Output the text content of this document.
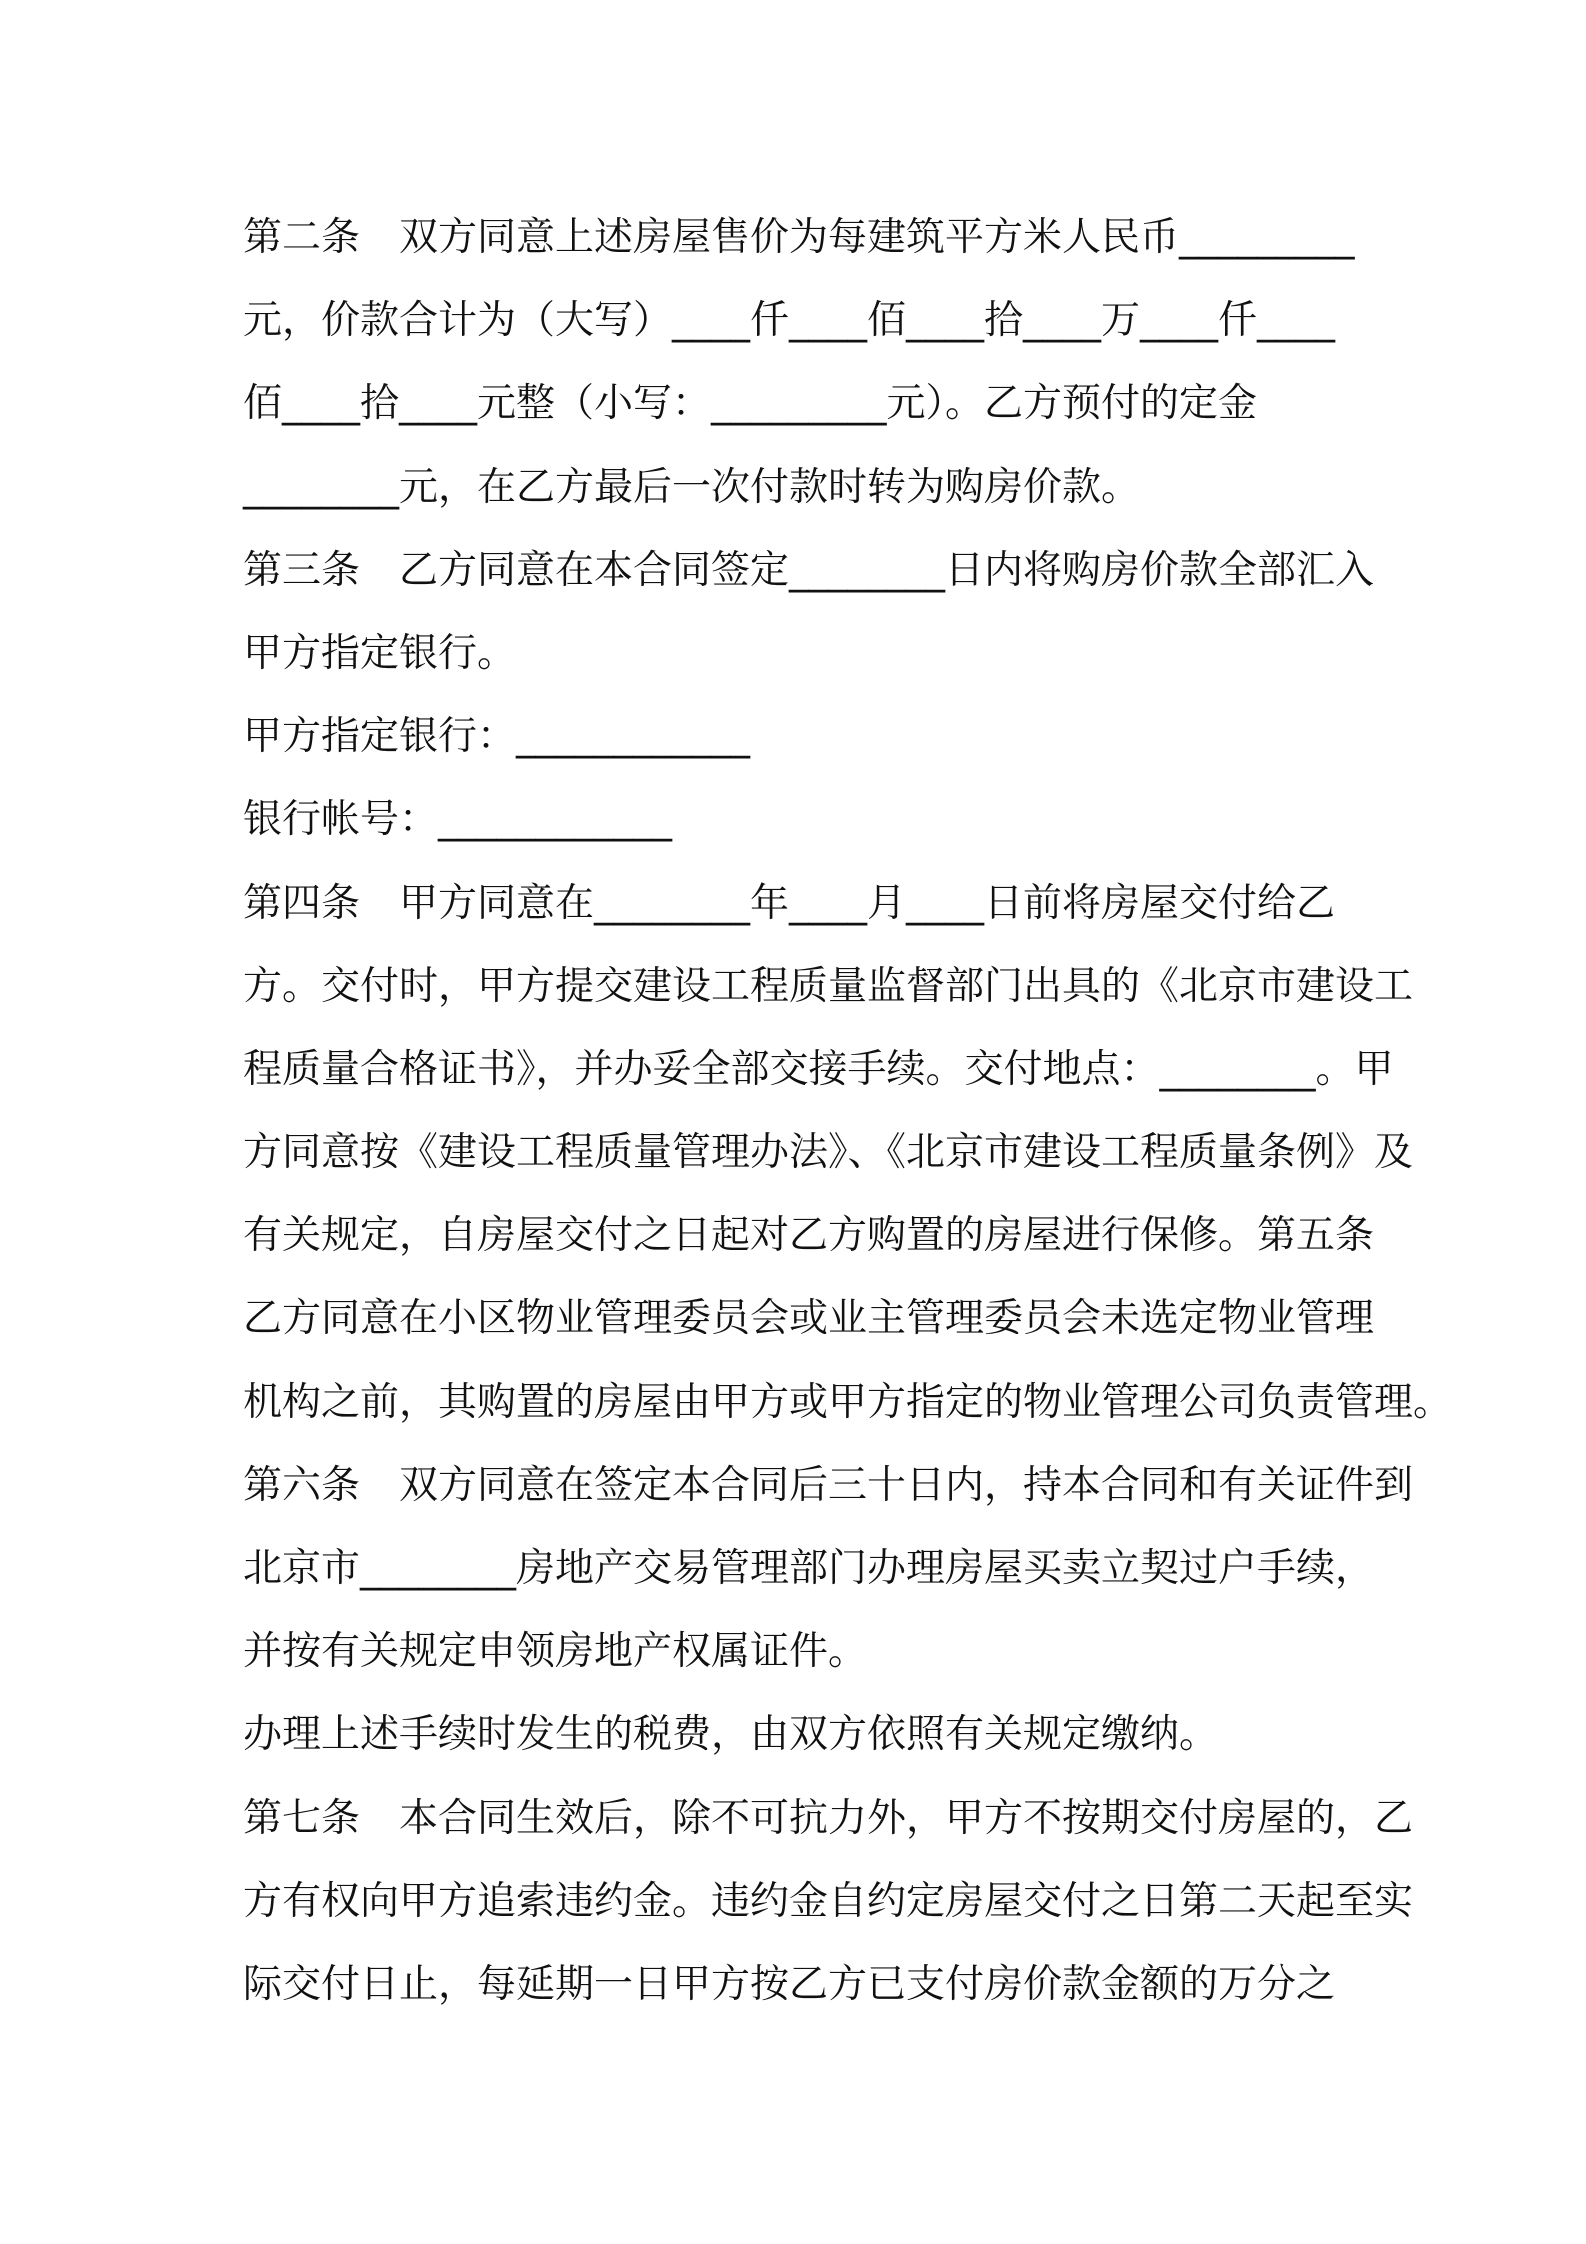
第二条　双方同意上述房屋售价为每建筑平方米人民币_________
元，价款合计为（大写）____仟____佰____拾____万____仟____
佰____拾____元整（小写：_________元）。乙方预付的定金
________元，在乙方最后一次付款时转为购房价款。
第三条　乙方同意在本合同签定________日内将购房价款全部汇入
甲方指定银行。
甲方指定银行：____________
银行帐号：____________
第四条　甲方同意在________年____月____日前将房屋交付给乙
方。交付时，甲方提交建设工程质量监督部门出具的《北京市建设工
程质量合格证书》，并办妥全部交接手续。交付地点：________。甲
方同意按《建设工程质量管理办法》、《北京市建设工程质量条例》及
有关规定，自房屋交付之日起对乙方购置的房屋进行保修。第五条
乙方同意在小区物业管理委员会或业主管理委员会未选定物业管理
机构之前，其购置的房屋由甲方或甲方指定的物业管理公司负责管理。
第六条　双方同意在签定本合同后三十日内，持本合同和有关证件到
北京市________房地产交易管理部门办理房屋买卖立契过户手续，
并按有关规定申领房地产权属证件。
办理上述手续时发生的税费，由双方依照有关规定缴纳。
第七条　本合同生效后，除不可抗力外，甲方不按期交付房屋的，乙
方有权向甲方追索违约金。违约金自约定房屋交付之日第二天起至实
际交付日止，每延期一日甲方按乙方已支付房价款金额的万分之
